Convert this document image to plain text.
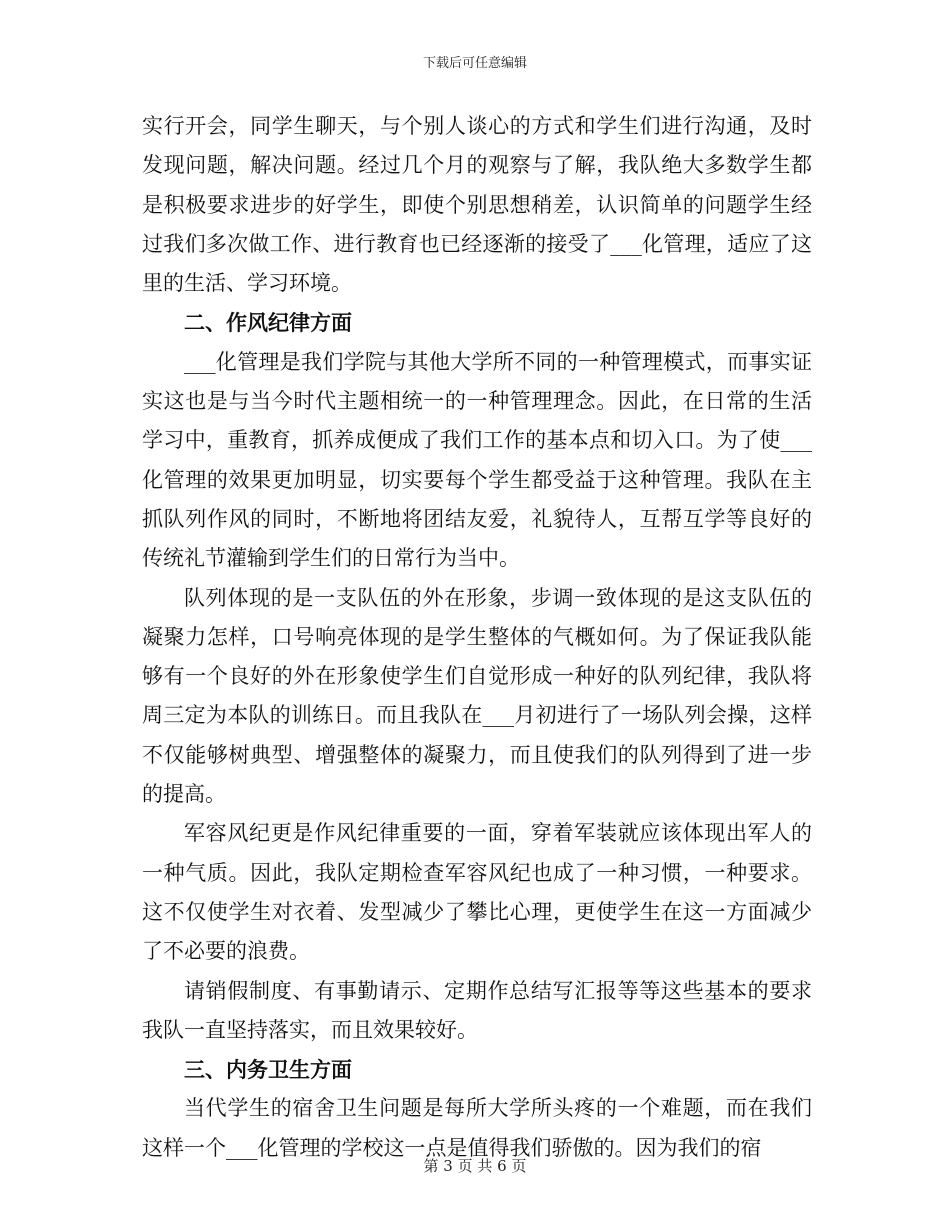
下载后可任意编辑

实行开会，同学生聊天，与个别人谈心的方式和学生们进行沟通，及时发现问题，解决问题。经过几个月的观察与了解，我队绝大多数学生都是积极要求进步的好学生，即使个别思想稍差，认识简单的问题学生经过我们多次做工作、进行教育也已经逐渐的接受了___化管理，适应了这里的生活、学习环境。

二、作风纪律方面

___化管理是我们学院与其他大学所不同的一种管理模式，而事实证实这也是与当今时代主题相统一的一种管理理念。因此，在日常的生活学习中，重教育，抓养成便成了我们工作的基本点和切入口。为了使___化管理的效果更加明显，切实要每个学生都受益于这种管理。我队在主抓队列作风的同时，不断地将团结友爱，礼貌待人，互帮互学等良好的传统礼节灌输到学生们的日常行为当中。

队列体现的是一支队伍的外在形象，步调一致体现的是这支队伍的凝聚力怎样，口号响亮体现的是学生整体的气概如何。为了保证我队能够有一个良好的外在形象使学生们自觉形成一种好的队列纪律，我队将周三定为本队的训练日。而且我队在___月初进行了一场队列会操，这样不仅能够树典型、增强整体的凝聚力，而且使我们的队列得到了进一步的提高。

军容风纪更是作风纪律重要的一面，穿着军装就应该体现出军人的一种气质。因此，我队定期检查军容风纪也成了一种习惯，一种要求。这不仅使学生对衣着、发型减少了攀比心理，更使学生在这一方面减少了不必要的浪费。

请销假制度、有事勤请示、定期作总结写汇报等等这些基本的要求我队一直坚持落实，而且效果较好。

三、内务卫生方面

当代学生的宿舍卫生问题是每所大学所头疼的一个难题，而在我们这样一个___化管理的学校这一点是值得我们骄傲的。因为我们的宿

第 3 页 共 6 页
